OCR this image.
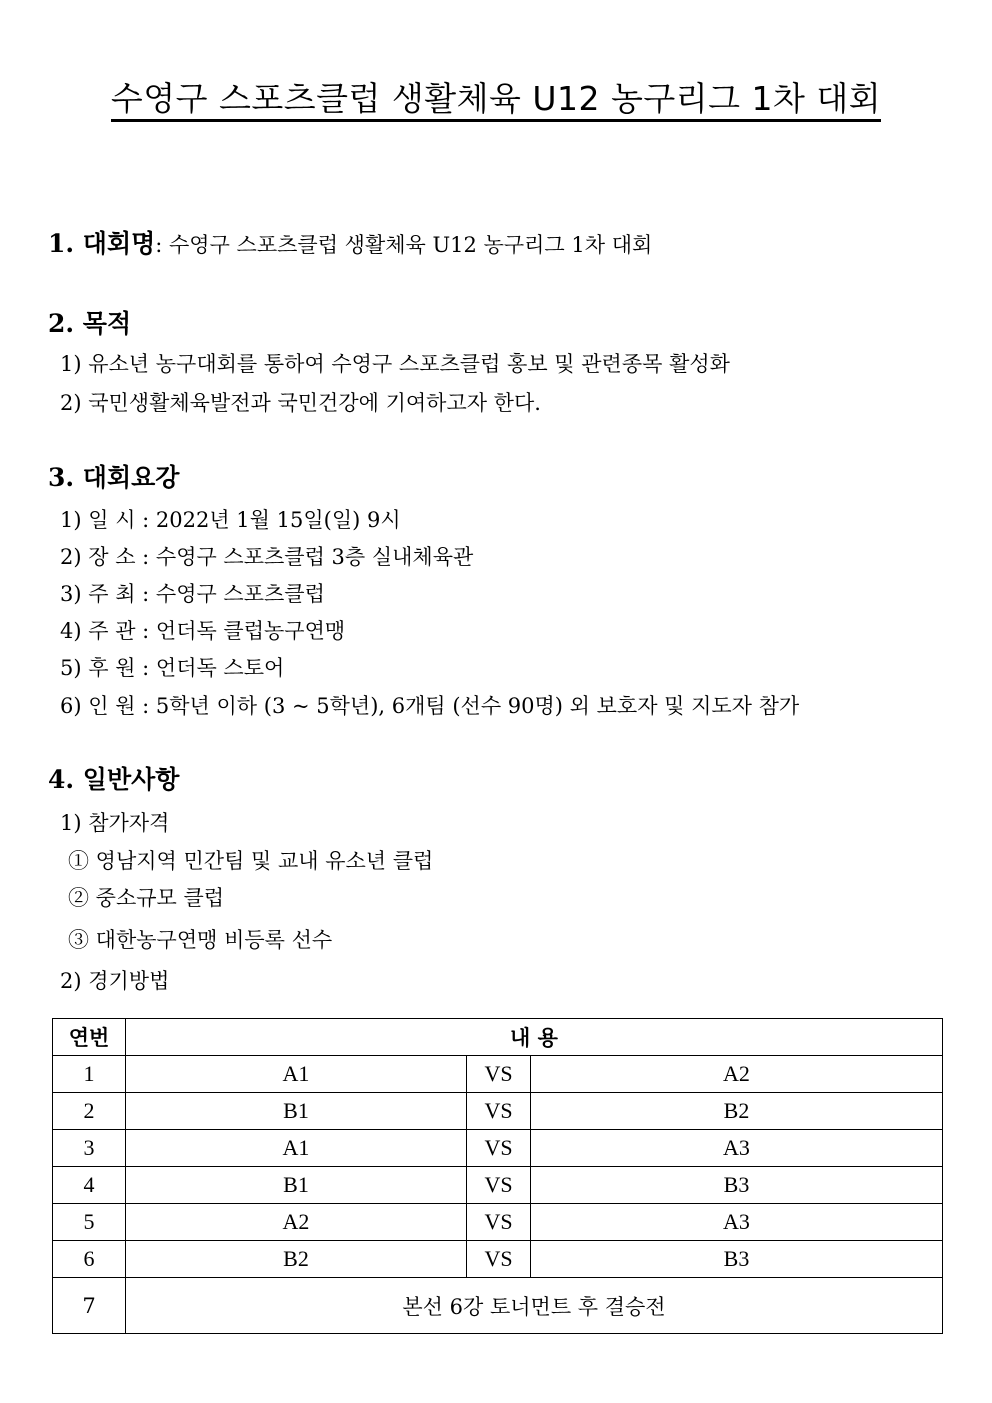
수영구 스포츠클럽 생활체육 U12 농구리그 1차 대회
1. 대회명: 수영구 스포츠클럽 생활체육 U12 농구리그 1차 대회
2. 목적
1) 유소년 농구대회를 통하여 수영구 스포츠클럽 홍보 및 관련종목 활성화
2) 국민생활체육발전과 국민건강에 기여하고자 한다.
3. 대회요강
1) 일 시 : 2022년 1월 15일(일) 9시
2) 장 소 : 수영구 스포츠클럽 3층 실내체육관
3) 주 최 : 수영구 스포츠클럽
4) 주 관 : 언더독 클럽농구연맹
5) 후 원 : 언더독 스토어
6) 인 원 : 5학년 이하 (3 ~ 5학년), 6개팀 (선수 90명) 외 보호자 및 지도자 참가
4. 일반사항
1) 참가자격
① 영남지역 민간팀 및 교내 유소년 클럽
② 중소규모 클럽
③ 대한농구연맹 비등록 선수
2) 경기방법
연번	내 용		
1	A1	VS	A2
2	B1	VS	B2
3	A1	VS	A3
4	B1	VS	B3
5	A2	VS	A3
6	B2	VS	B3
7	본선 6강 토너먼트 후 결승전		
